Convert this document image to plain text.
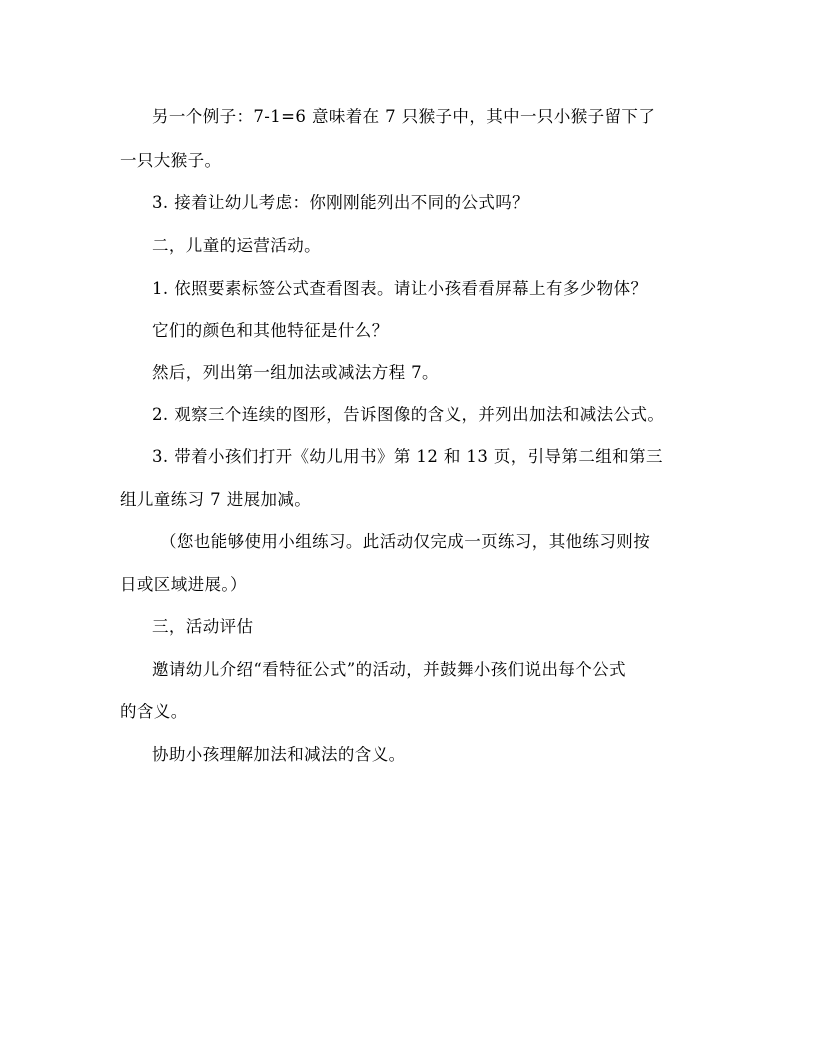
另一个例子：7-1=6 意味着在 7 只猴子中，其中一只小猴子留下了
一只大猴子。
3. 接着让幼儿考虑：你刚刚能列出不同的公式吗？
二，儿童的运营活动。
1. 依照要素标签公式查看图表。请让小孩看看屏幕上有多少物体？
它们的颜色和其他特征是什么？
然后，列出第一组加法或减法方程 7。
2. 观察三个连续的图形，告诉图像的含义，并列出加法和减法公式。
3. 带着小孩们打开《幼儿用书》第 12 和 13 页，引导第二组和第三
组儿童练习 7 进展加减。
（您也能够使用小组练习。此活动仅完成一页练习，其他练习则按
日或区域进展。）
三，活动评估
邀请幼儿介绍“看特征公式”的活动，并鼓舞小孩们说出每个公式
的含义。
协助小孩理解加法和减法的含义。
